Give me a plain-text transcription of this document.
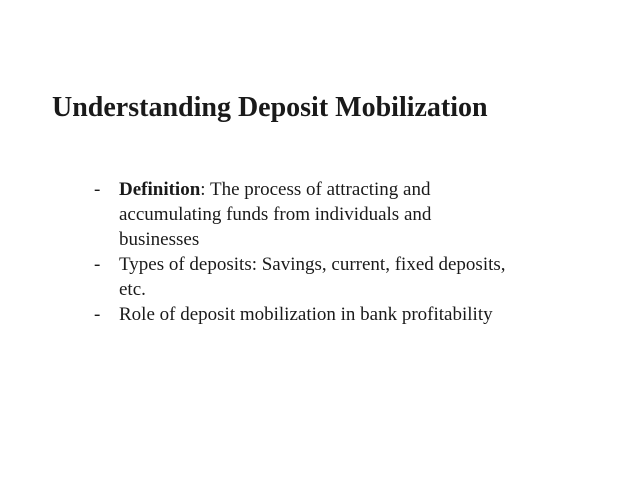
Understanding Deposit Mobilization
- Definition: The process of attracting and accumulating funds from individuals and businesses
- Types of deposits: Savings, current, fixed deposits, etc.
- Role of deposit mobilization in bank profitability
